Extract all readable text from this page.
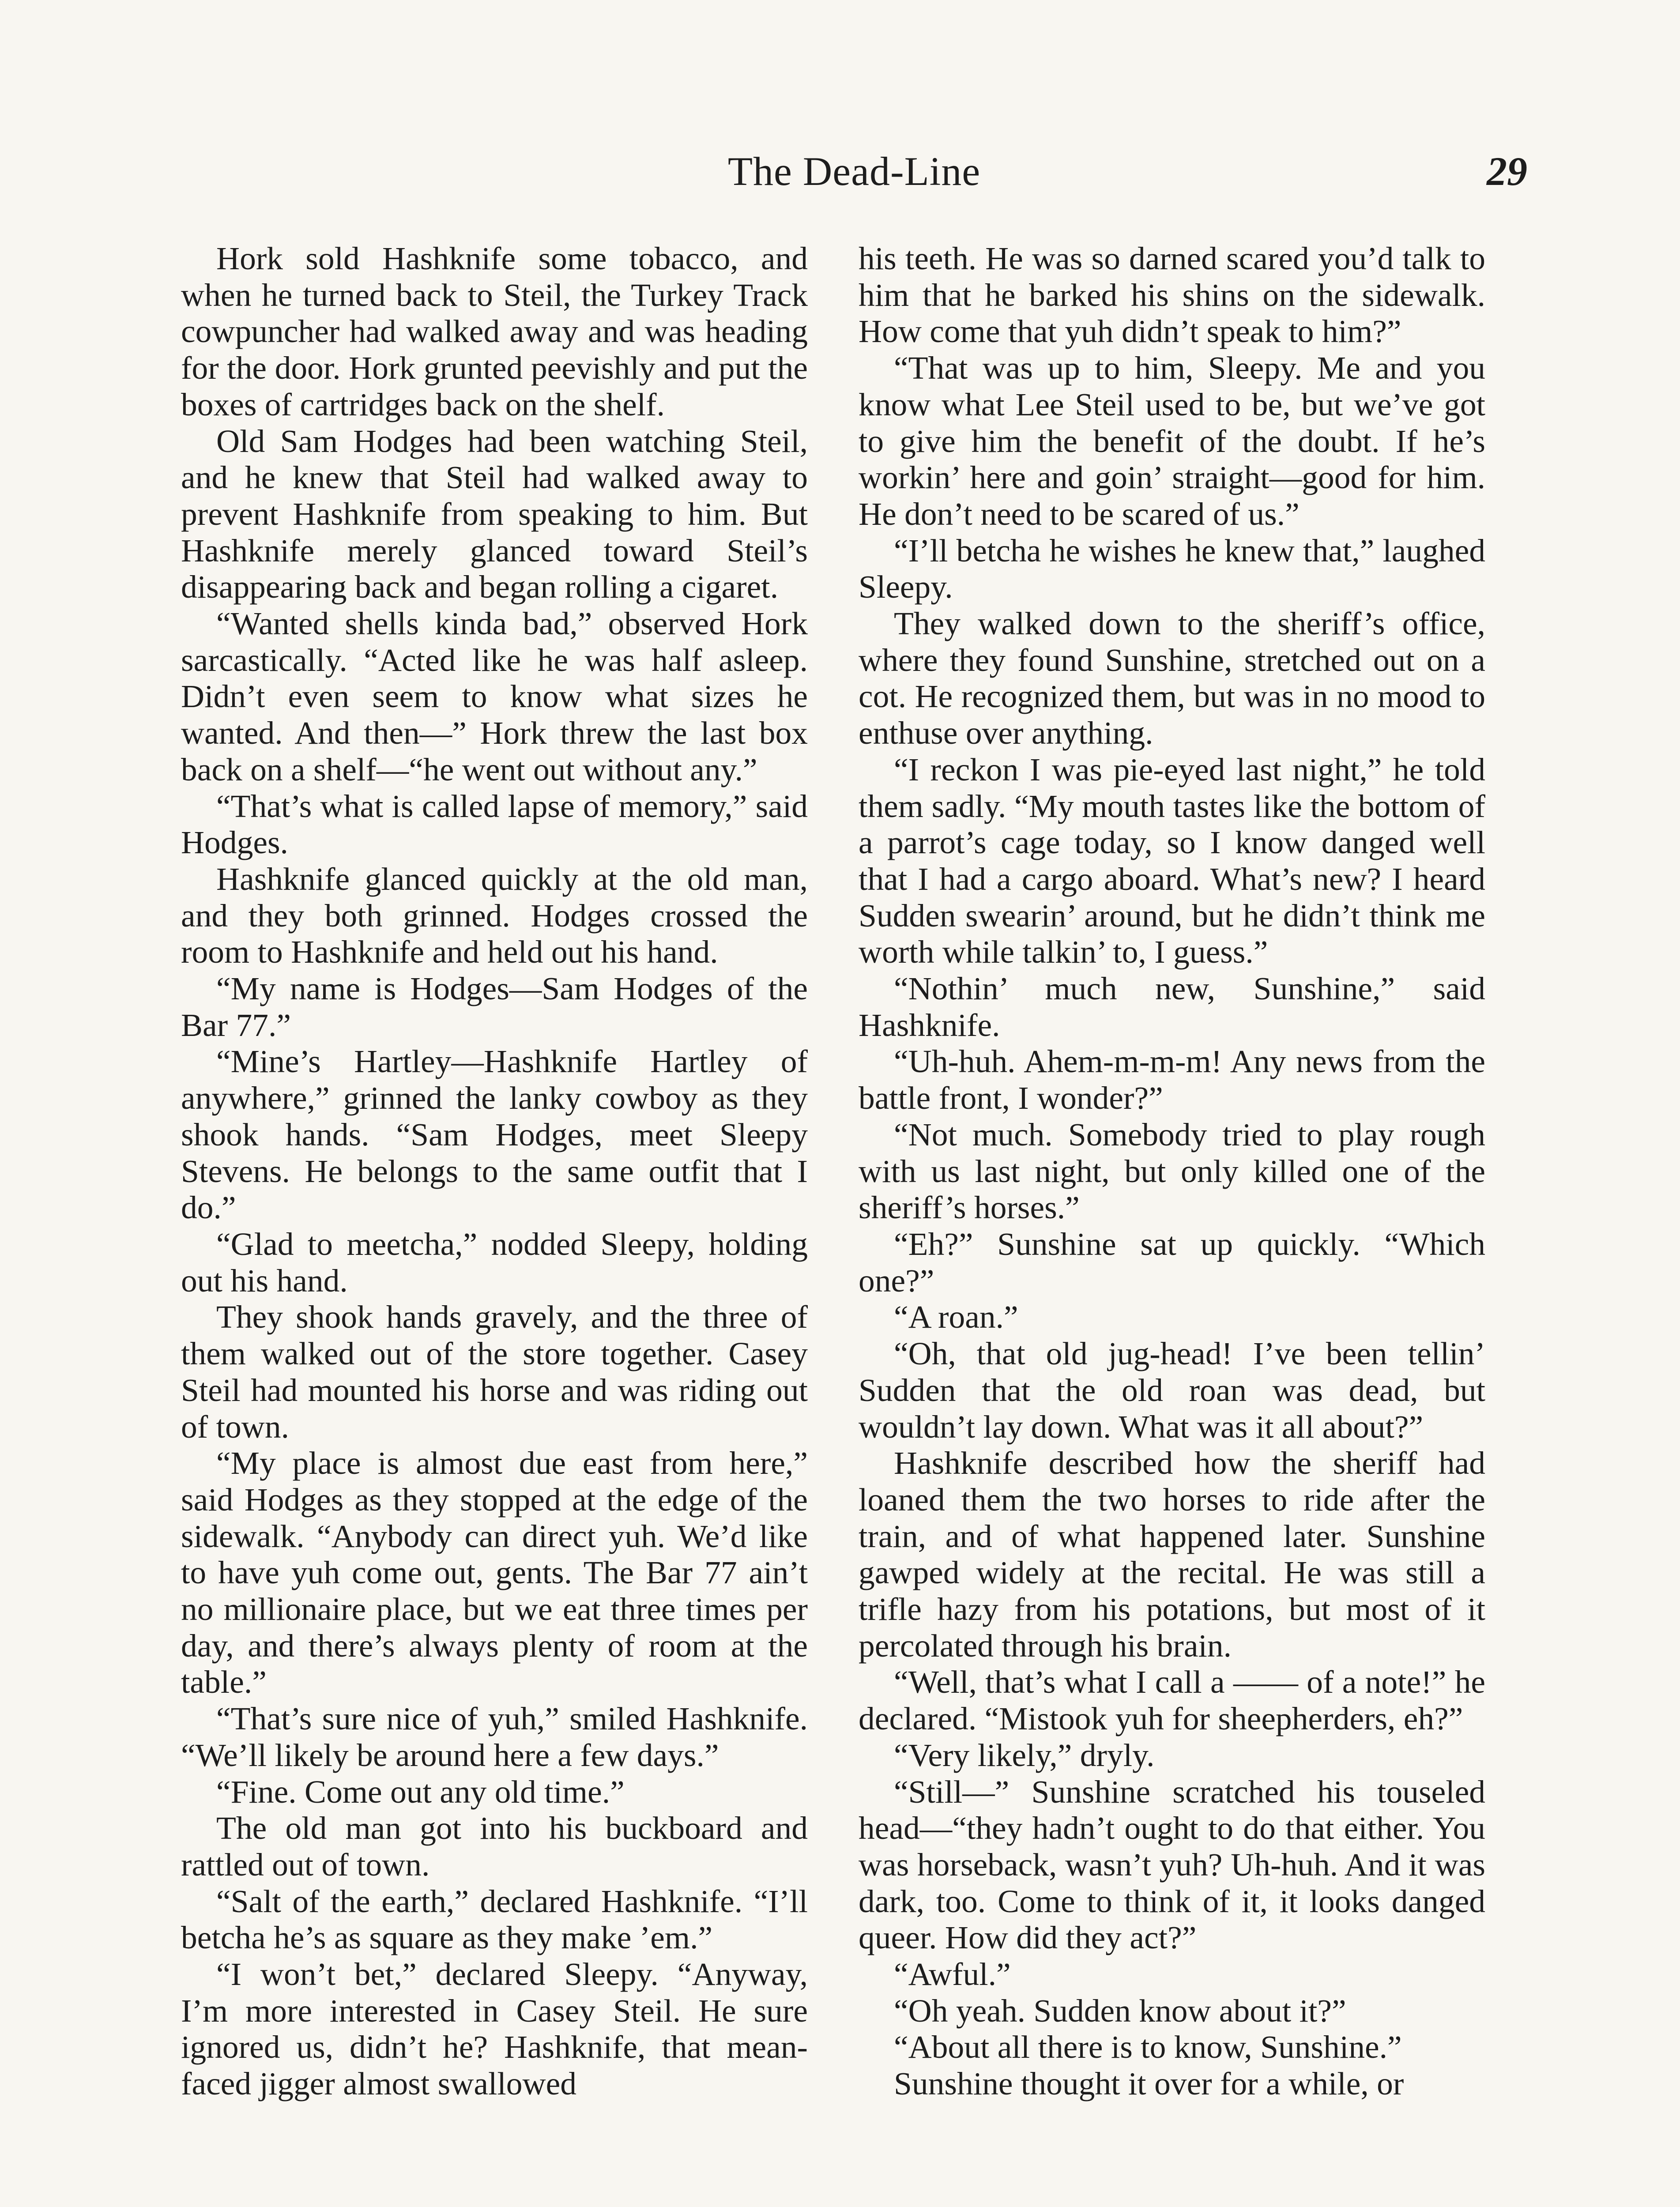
The Dead-Line	29

Hork sold Hashknife some tobacco, and when he turned back to Steil, the Turkey Track cowpuncher had walked away and was heading for the door. Hork grunted peevishly and put the boxes of cartridges back on the shelf.

Old Sam Hodges had been watching Steil, and he knew that Steil had walked away to prevent Hashknife from speaking to him. But Hashknife merely glanced toward Steil’s disappearing back and began rolling a cigaret.

“Wanted shells kinda bad,” observed Hork sarcastically. “Acted like he was half asleep. Didn’t even seem to know what sizes he wanted. And then—” Hork threw the last box back on a shelf—“he went out without any.”

“That’s what is called lapse of memory,” said Hodges.

Hashknife glanced quickly at the old man, and they both grinned. Hodges crossed the room to Hashknife and held out his hand.

“My name is Hodges—Sam Hodges of the Bar 77.”

“Mine’s Hartley—Hashknife Hartley of anywhere,” grinned the lanky cowboy as they shook hands. “Sam Hodges, meet Sleepy Stevens. He belongs to the same outfit that I do.”

“Glad to meetcha,” nodded Sleepy, holding out his hand.

They shook hands gravely, and the three of them walked out of the store together. Casey Steil had mounted his horse and was riding out of town.

“My place is almost due east from here,” said Hodges as they stopped at the edge of the sidewalk. “Anybody can direct yuh. We’d like to have yuh come out, gents. The Bar 77 ain’t no millionaire place, but we eat three times per day, and there’s always plenty of room at the table.”

“That’s sure nice of yuh,” smiled Hashknife. “We’ll likely be around here a few days.”

“Fine. Come out any old time.”

The old man got into his buckboard and rattled out of town.

“Salt of the earth,” declared Hashknife. “I’ll betcha he’s as square as they make ’em.”

“I won’t bet,” declared Sleepy. “Anyway, I’m more interested in Casey Steil. He sure ignored us, didn’t he? Hashknife, that mean-faced jigger almost swallowed

his teeth. He was so darned scared you’d talk to him that he barked his shins on the sidewalk. How come that yuh didn’t speak to him?”

“That was up to him, Sleepy. Me and you know what Lee Steil used to be, but we’ve got to give him the benefit of the doubt. If he’s workin’ here and goin’ straight—good for him. He don’t need to be scared of us.”

“I’ll betcha he wishes he knew that,” laughed Sleepy.

They walked down to the sheriff’s office, where they found Sunshine, stretched out on a cot. He recognized them, but was in no mood to enthuse over anything.

“I reckon I was pie-eyed last night,” he told them sadly. “My mouth tastes like the bottom of a parrot’s cage today, so I know danged well that I had a cargo aboard. What’s new? I heard Sudden swearin’ around, but he didn’t think me worth while talkin’ to, I guess.”

“Nothin’ much new, Sunshine,” said Hashknife.

“Uh-huh. Ahem-m-m-m! Any news from the battle front, I wonder?”

“Not much. Somebody tried to play rough with us last night, but only killed one of the sheriff’s horses.”

“Eh?” Sunshine sat up quickly. “Which one?”

“A roan.”

“Oh, that old jug-head! I’ve been tellin’ Sudden that the old roan was dead, but wouldn’t lay down. What was it all about?”

Hashknife described how the sheriff had loaned them the two horses to ride after the train, and of what happened later. Sunshine gawped widely at the recital. He was still a trifle hazy from his potations, but most of it percolated through his brain.

“Well, that’s what I call a —— of a note!” he declared. “Mistook yuh for sheepherders, eh?”

“Very likely,” dryly.

“Still—” Sunshine scratched his touseled head—“they hadn’t ought to do that either. You was horseback, wasn’t yuh? Uh-huh. And it was dark, too. Come to think of it, it looks danged queer. How did they act?”

“Awful.”

“Oh yeah. Sudden know about it?”

“About all there is to know, Sunshine.”

Sunshine thought it over for a while, or
